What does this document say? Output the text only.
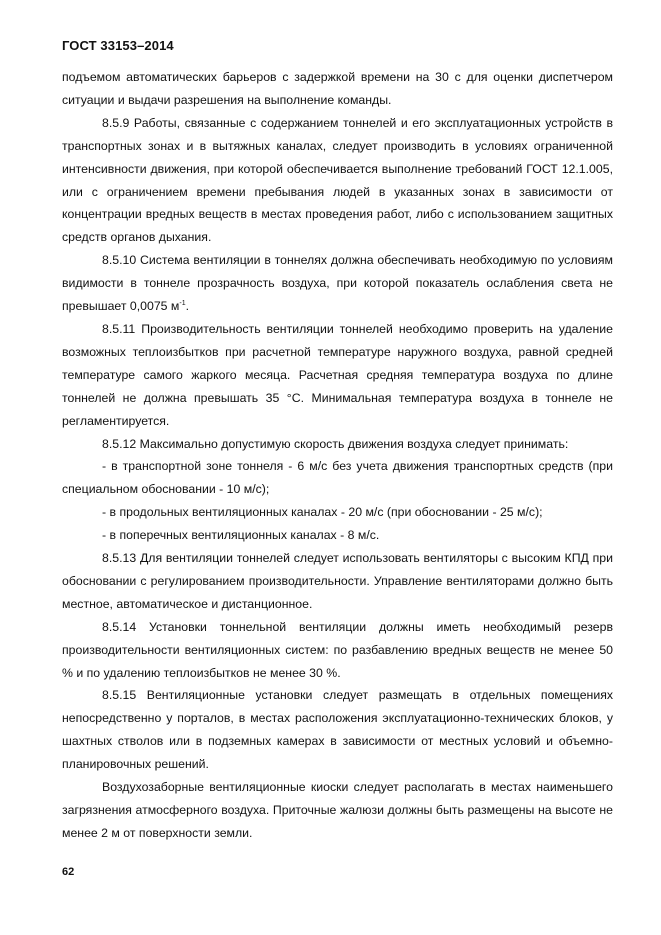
ГОСТ 33153–2014

подъемом автоматических барьеров с задержкой времени на 30 с для оценки диспетчером ситуации и выдачи разрешения на выполнение команды.

8.5.9 Работы, связанные с содержанием тоннелей и его эксплуатационных устройств в транспортных зонах и в вытяжных каналах, следует производить в условиях ограниченной интенсивности движения, при которой обеспечивается выполнение требований ГОСТ 12.1.005, или с ограничением времени пребывания людей в указанных зонах в зависимости от концентрации вредных веществ в местах проведения работ, либо с использованием защитных средств органов дыхания.

8.5.10 Система вентиляции в тоннелях должна обеспечивать необходимую по условиям видимости в тоннеле прозрачность воздуха, при которой показатель ослабления света не превышает 0,0075 $м^{-1}$.

8.5.11 Производительность вентиляции тоннелей необходимо проверить на удаление возможных теплоизбытков при расчетной температуре наружного воздуха, равной средней температуре самого жаркого месяца. Расчетная средняя температура воздуха по длине тоннелей не должна превышать 35 °С. Минимальная температура воздуха в тоннеле не регламентируется.

8.5.12 Максимально допустимую скорость движения воздуха следует принимать:

- в транспортной зоне тоннеля - 6 м/с без учета движения транспортных средств (при специальном обосновании - 10 м/с);

- в продольных вентиляционных каналах - 20 м/с (при обосновании - 25 м/с);

- в поперечных вентиляционных каналах - 8 м/с.

8.5.13 Для вентиляции тоннелей следует использовать вентиляторы с высоким КПД при обосновании с регулированием производительности. Управление вентиляторами должно быть местное, автоматическое и дистанционное.

8.5.14 Установки тоннельной вентиляции должны иметь необходимый резерв производительности вентиляционных систем: по разбавлению вредных веществ не менее 50 % и по удалению теплоизбытков не менее 30 %.

8.5.15 Вентиляционные установки следует размещать в отдельных помещениях непосредственно у порталов, в местах расположения эксплуатационно-технических блоков, у шахтных стволов или в подземных камерах в зависимости от местных условий и объемно-планировочных решений.

Воздухозаборные вентиляционные киоски следует располагать в местах наименьшего загрязнения атмосферного воздуха. Приточные жалюзи должны быть размещены на высоте не менее 2 м от поверхности земли.

62
